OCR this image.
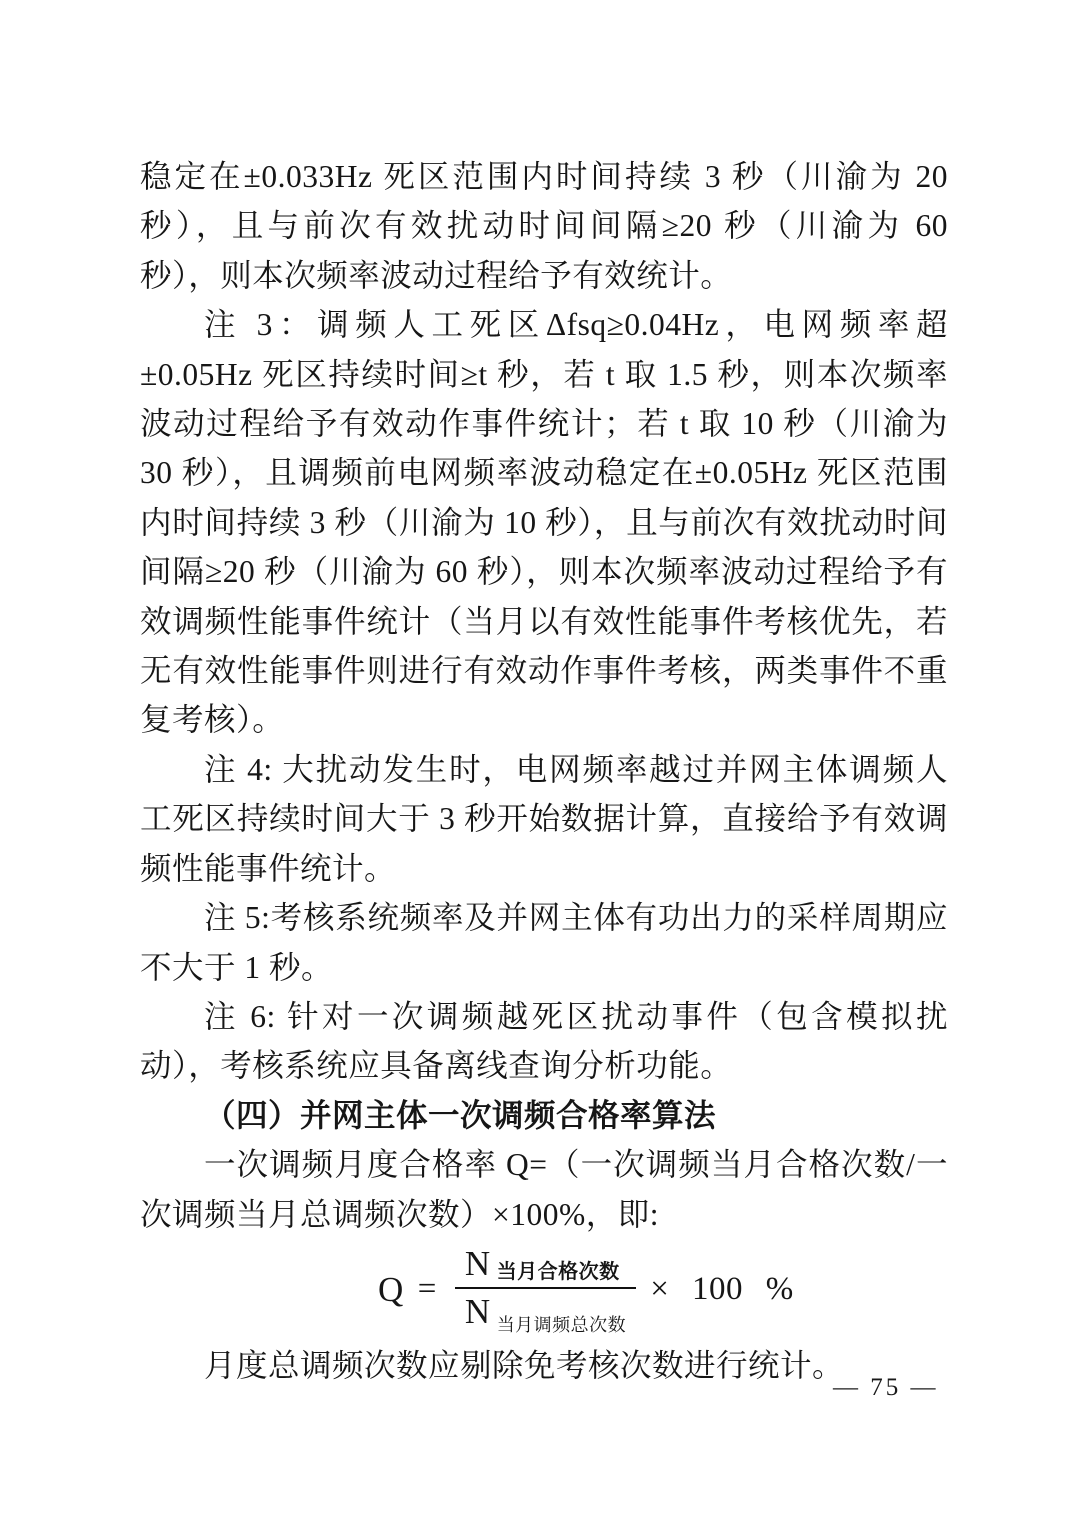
稳定在±0.033Hz 死区范围内时间持续 3 秒（川渝为 20 秒），且与前次有效扰动时间间隔≥20 秒（川渝为 60 秒），则本次频率波动过程给予有效统计。

注 3：调频人工死区Δfsq≥0.04Hz，电网频率超±0.05Hz 死区持续时间≥t 秒，若 t 取 1.5 秒，则本次频率波动过程给予有效动作事件统计；若 t 取 10 秒（川渝为 30 秒），且调频前电网频率波动稳定在±0.05Hz 死区范围内时间持续 3 秒（川渝为 10 秒），且与前次有效扰动时间间隔≥20 秒（川渝为 60 秒），则本次频率波动过程给予有效调频性能事件统计（当月以有效性能事件考核优先，若无有效性能事件则进行有效动作事件考核，两类事件不重复考核）。

注 4: 大扰动发生时，电网频率越过并网主体调频人工死区持续时间大于 3 秒开始数据计算，直接给予有效调频性能事件统计。

注 5:考核系统频率及并网主体有功出力的采样周期应不大于 1 秒。

注 6: 针对一次调频越死区扰动事件（包含模拟扰动），考核系统应具备离线查询分析功能。

（四）并网主体一次调频合格率算法

一次调频月度合格率 Q=（一次调频当月合格次数/一次调频当月总调频次数）×100%，即:

$Q = \frac{\text{N 当月合格次数}}{\text{N 当月调频总次数}} \times 100$ %

月度总调频次数应剔除免考核次数进行统计。

— 75 —
